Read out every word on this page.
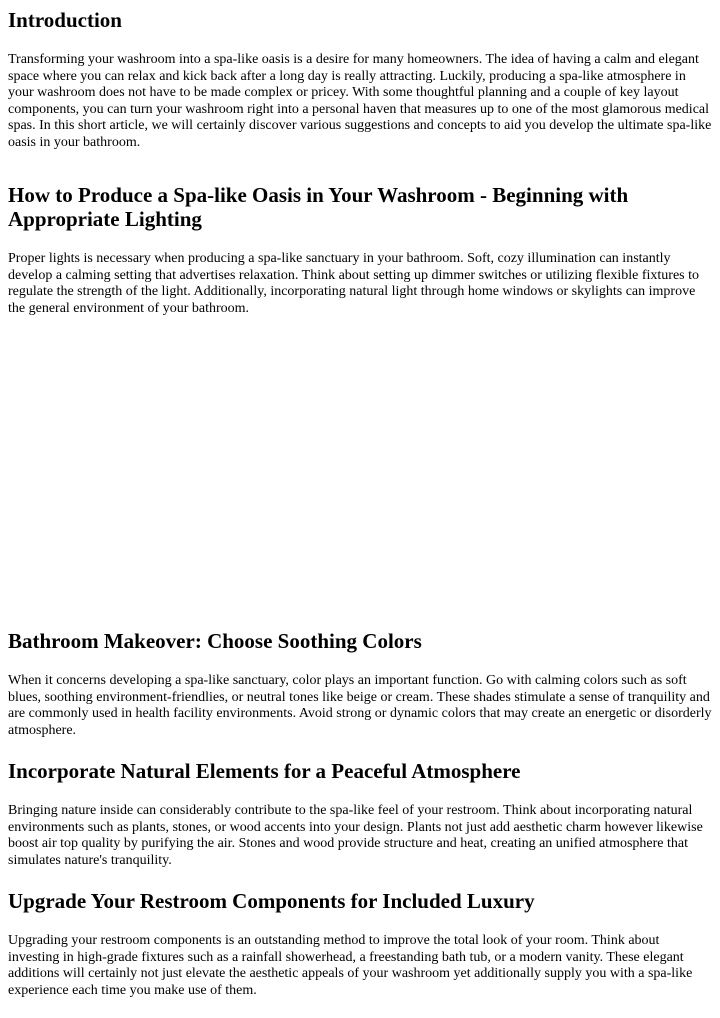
Introduction

Transforming your washroom into a spa-like oasis is a desire for many homeowners. The idea of having a calm and elegant space where you can relax and kick back after a long day is really attracting. Luckily, producing a spa-like atmosphere in your washroom does not have to be made complex or pricey. With some thoughtful planning and a couple of key layout components, you can turn your washroom right into a personal haven that measures up to one of the most glamorous medical spas. In this short article, we will certainly discover various suggestions and concepts to aid you develop the ultimate spa-like oasis in your bathroom.

How to Produce a Spa-like Oasis in Your Washroom - Beginning with Appropriate Lighting

Proper lights is necessary when producing a spa-like sanctuary in your bathroom. Soft, cozy illumination can instantly develop a calming setting that advertises relaxation. Think about setting up dimmer switches or utilizing flexible fixtures to regulate the strength of the light. Additionally, incorporating natural light through home windows or skylights can improve the general environment of your bathroom.

Bathroom Makeover: Choose Soothing Colors

When it concerns developing a spa-like sanctuary, color plays an important function. Go with calming colors such as soft blues, soothing environment-friendlies, or neutral tones like beige or cream. These shades stimulate a sense of tranquility and are commonly used in health facility environments. Avoid strong or dynamic colors that may create an energetic or disorderly atmosphere.

Incorporate Natural Elements for a Peaceful Atmosphere

Bringing nature inside can considerably contribute to the spa-like feel of your restroom. Think about incorporating natural environments such as plants, stones, or wood accents into your design. Plants not just add aesthetic charm however likewise boost air top quality by purifying the air. Stones and wood provide structure and heat, creating an unified atmosphere that simulates nature's tranquility.

Upgrade Your Restroom Components for Included Luxury

Upgrading your restroom components is an outstanding method to improve the total look of your room. Think about investing in high-grade fixtures such as a rainfall showerhead, a freestanding bath tub, or a modern vanity. These elegant additions will certainly not just elevate the aesthetic appeals of your washroom yet additionally supply you with a spa-like experience each time you make use of them.
